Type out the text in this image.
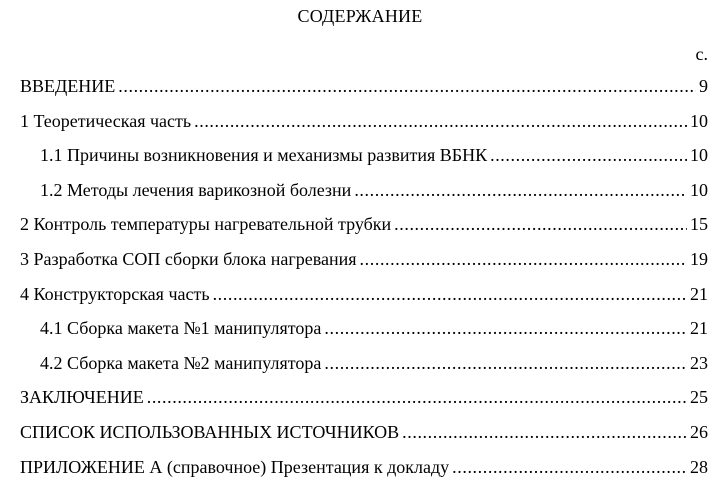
СОДЕРЖАНИЕ
с.
ВВЕДЕНИЕ .....	9
1 Теоретическая часть .....	10
1.1 Причины возникновения и механизмы развития ВБНК .....	10
1.2 Методы лечения варикозной болезни .....	10
2 Контроль температуры нагревательной трубки .....	15
3 Разработка СОП сборки блока нагревания .....	19
4 Конструкторская часть .....	21
4.1 Сборка макета №1 манипулятора .....	21
4.2 Сборка макета №2 манипулятора .....	23
ЗАКЛЮЧЕНИЕ .....	25
СПИСОК ИСПОЛЬЗОВАННЫХ ИСТОЧНИКОВ .....	26
ПРИЛОЖЕНИЕ А (справочное) Презентация к докладу .....	28
